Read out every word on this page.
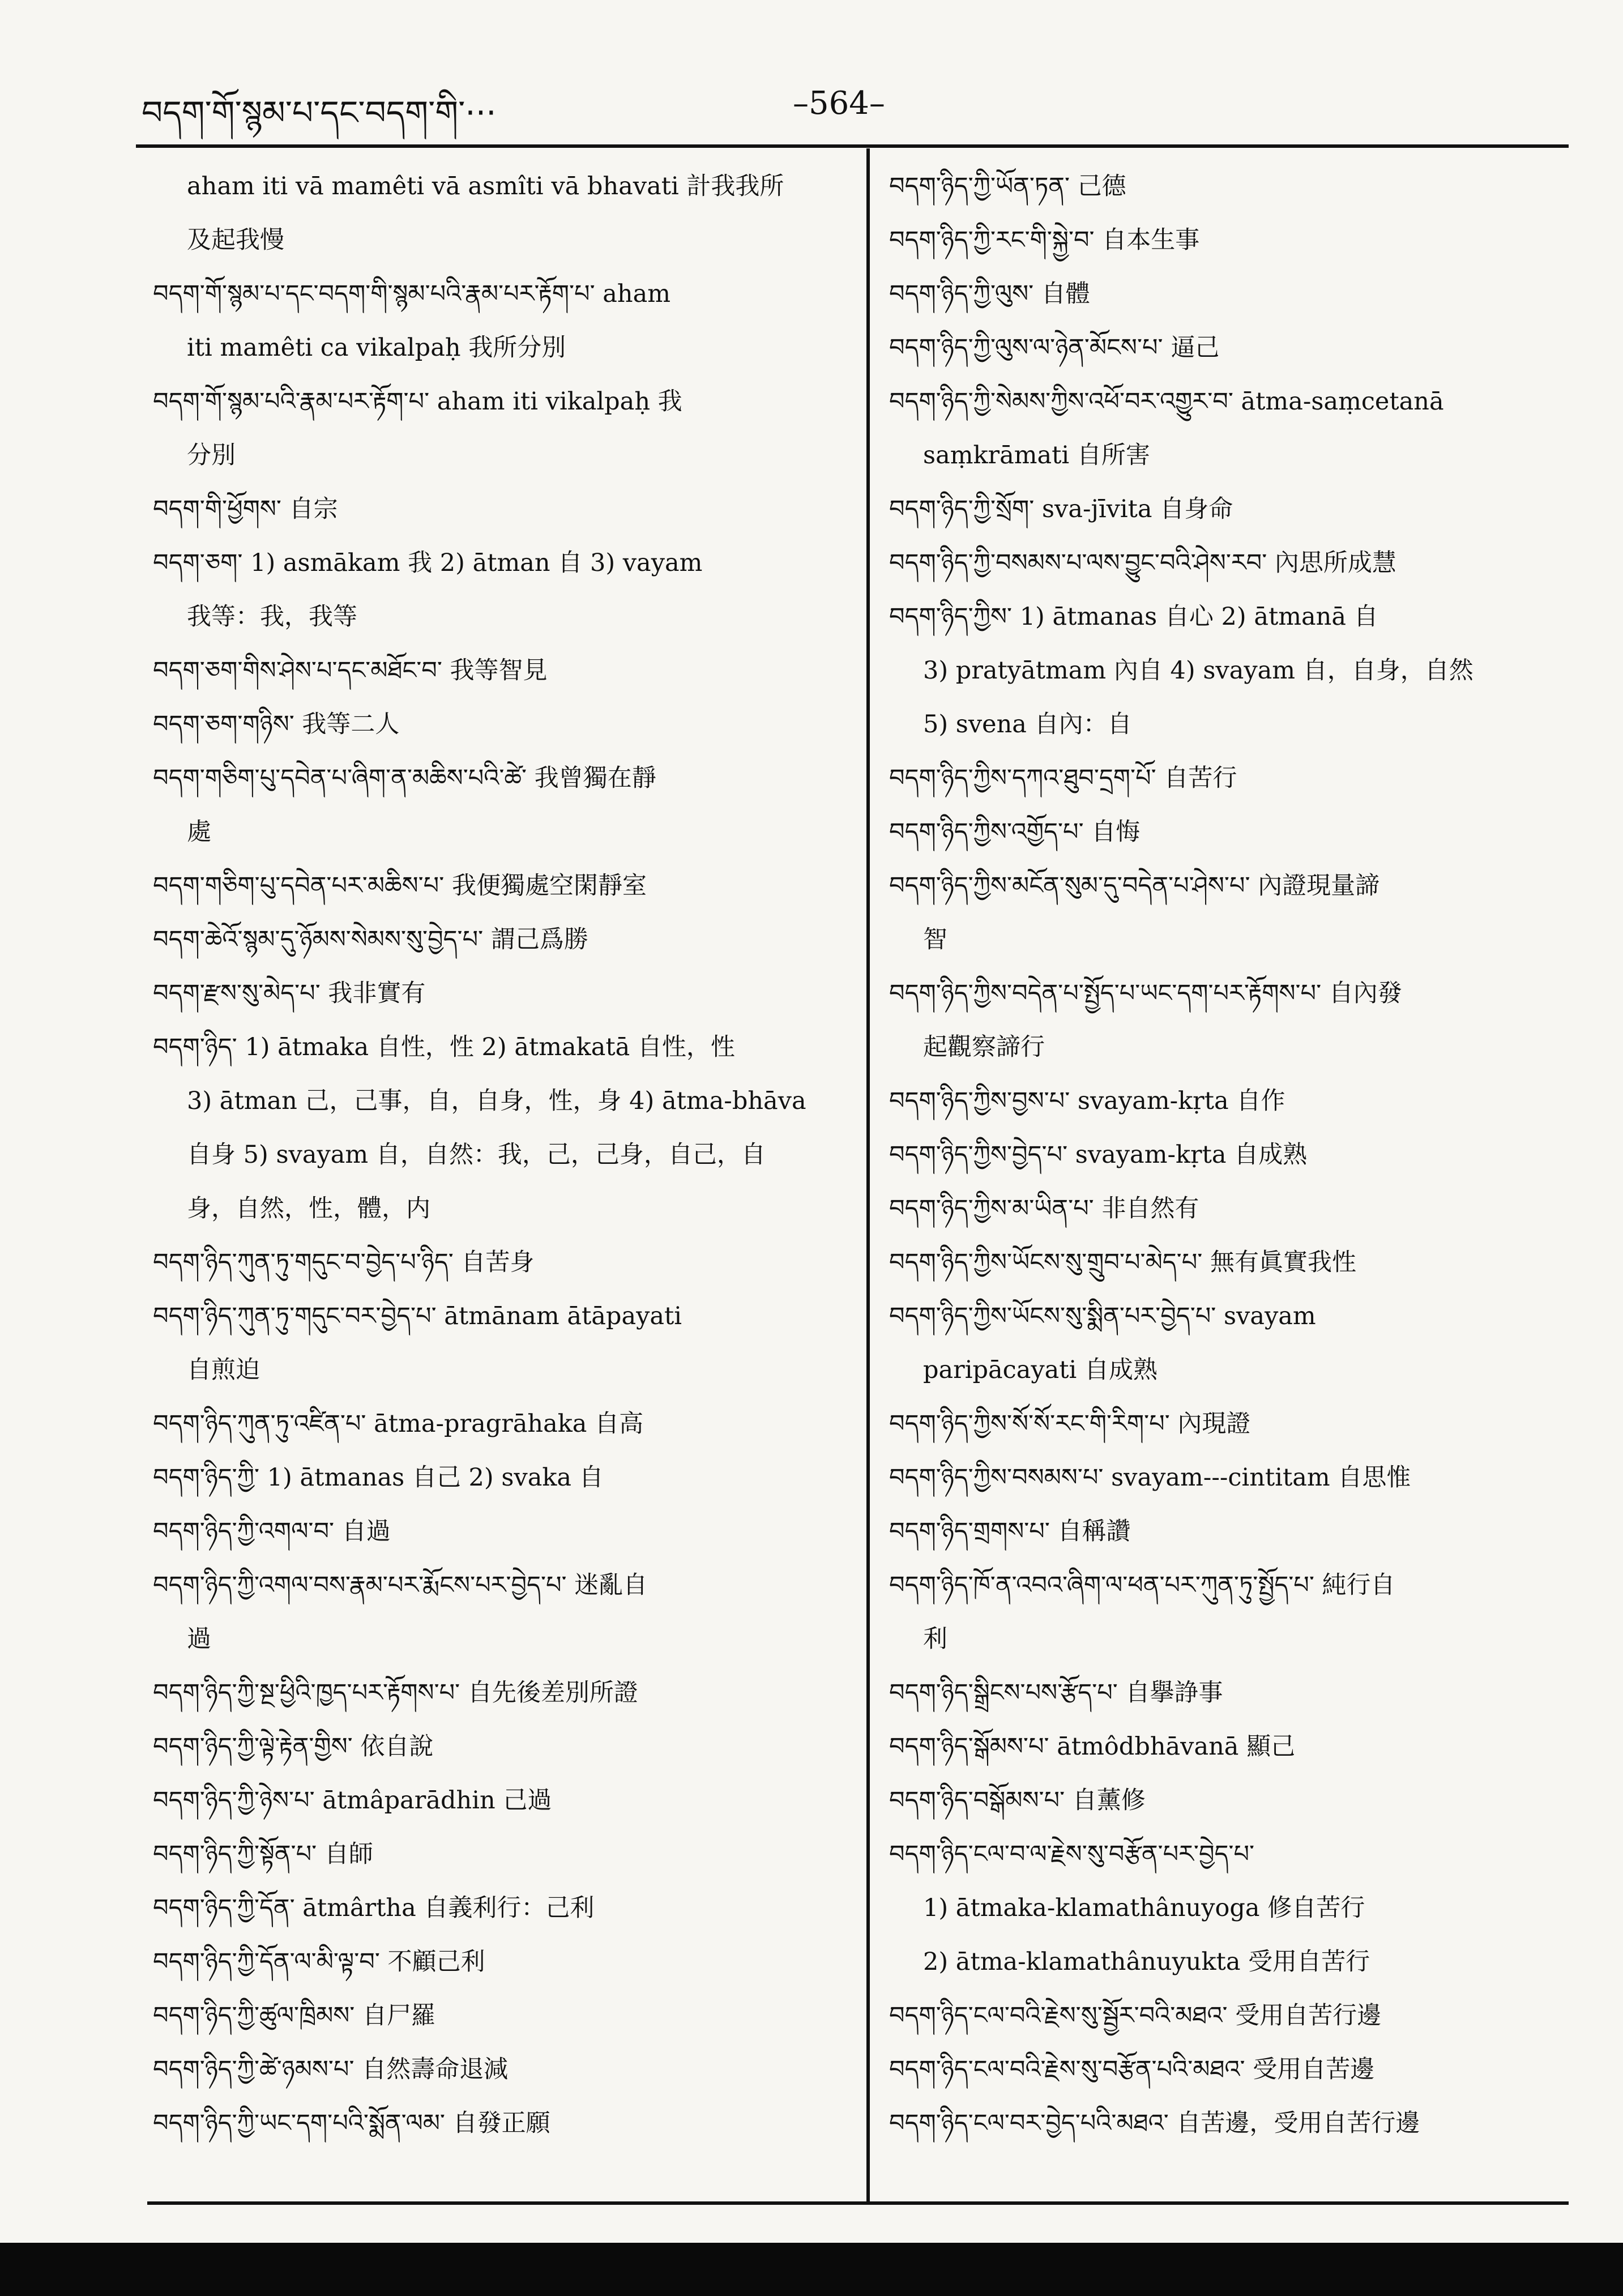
བདག་གོ་སྙམ་པ་དང་བདག་གི་···	–564–

aham iti vā mamêti vā asmîti vā bhavati 計我我所

及起我慢

བདག་གོ་སྙམ་པ་དང་བདག་གི་སྙམ་པའི་རྣམ་པར་རྟོག་པ་ aham

iti mamêti ca vikalpaḥ 我所分別

བདག་གོ་སྙམ་པའི་རྣམ་པར་རྟོག་པ་ aham iti vikalpaḥ 我

分別

བདག་གི་ཕྱོགས་ 自宗

བདག་ཅག་ 1) asmākam 我 2) ātman 自 3) vayam

我等：我，我等

བདག་ཅག་གིས་ཤེས་པ་དང་མཐོང་བ་ 我等智見

བདག་ཅག་གཉིས་ 我等二人

བདག་གཅིག་པུ་དབེན་པ་ཞིག་ན་མཆིས་པའི་ཚེ་ 我曾獨在靜

處

བདག་གཅིག་པུ་དབེན་པར་མཆིས་པ་ 我便獨處空閑靜室

བདག་ཆེའོ་སྙམ་དུ་ཉོམས་སེམས་སུ་བྱེད་པ་ 謂己爲勝

བདག་རྫས་སུ་མེད་པ་ 我非實有

བདག་ཉིད་ 1) ātmaka 自性，性 2) ātmakatā 自性，性

3) ātman 己，己事，自，自身，性，身 4) ātma-bhāva

自身 5) svayam 自，自然：我，己，己身，自己，自

身，自然，性，體，内

བདག་ཉིད་ཀུན་ཏུ་གདུང་བ་བྱེད་པ་ཉིད་ 自苦身

བདག་ཉིད་ཀུན་ཏུ་གདུང་བར་བྱེད་པ་ ātmānam ātāpayati

自煎迫

བདག་ཉིད་ཀུན་ཏུ་འཛིན་པ་ ātma-pragrāhaka 自高

བདག་ཉིད་ཀྱི་ 1) ātmanas 自己 2) svaka 自

བདག་ཉིད་ཀྱི་འགལ་བ་ 自過

བདག་ཉིད་ཀྱི་འགལ་བས་རྣམ་པར་རྨོངས་པར་བྱེད་པ་ 迷亂自

過

བདག་ཉིད་ཀྱི་སྔ་ཕྱིའི་ཁྱད་པར་རྟོགས་པ་ 自先後差別所證

བདག་ཉིད་ཀྱི་ལྟེ་རྟེན་གྱིས་ 依自說

བདག་ཉིད་ཀྱི་ཉེས་པ་ ātmâparādhin 己過

བདག་ཉིད་ཀྱི་སྟོན་པ་ 自師

བདག་ཉིད་ཀྱི་དོན་ ātmârtha 自義利行：己利

བདག་ཉིད་ཀྱི་དོན་ལ་མི་ལྟ་བ་ 不顧己利

བདག་ཉིད་ཀྱི་ཚུལ་ཁྲིམས་ 自尸羅

བདག་ཉིད་ཀྱི་ཚེ་ཉམས་པ་ 自然壽命退減

བདག་ཉིད་ཀྱི་ཡང་དག་པའི་སྨོན་ལམ་ 自發正願

བདག་ཉིད་ཀྱི་ཡོན་ཏན་ 己德

བདག་ཉིད་ཀྱི་རང་གི་སྐྱེ་བ་ 自本生事

བདག་ཉིད་ཀྱི་ལུས་ 自體

བདག་ཉིད་ཀྱི་ལུས་ལ་ཉེན་མོངས་པ་ 逼己

བདག་ཉིད་ཀྱི་སེམས་ཀྱིས་འཕོ་བར་འགྱུར་བ་ ātma-saṃcetanā

saṃkrāmati 自所害

བདག་ཉིད་ཀྱི་སྲོག་ sva-jīvita 自身命

བདག་ཉིད་ཀྱི་བསམས་པ་ལས་བྱུང་བའི་ཤེས་རབ་ 內思所成慧

བདག་ཉིད་ཀྱིས་ 1) ātmanas 自心 2) ātmanā 自

3) pratyātmam 內自 4) svayam 自，自身，自然

5) svena 自內：自

བདག་ཉིད་ཀྱིས་དཀའ་ཐུབ་དྲག་པོ་ 自苦行

བདག་ཉིད་ཀྱིས་འགྱོད་པ་ 自悔

བདག་ཉིད་ཀྱིས་མངོན་སུམ་དུ་བདེན་པ་ཤེས་པ་ 內證現量諦

智

བདག་ཉིད་ཀྱིས་བདེན་པ་སྤྱོད་པ་ཡང་དག་པར་རྟོགས་པ་ 自內發

起觀察諦行

བདག་ཉིད་ཀྱིས་བྱས་པ་ svayam-kṛta 自作

བདག་ཉིད་ཀྱིས་བྱེད་པ་ svayam-kṛta 自成熟

བདག་ཉིད་ཀྱིས་མ་ཡིན་པ་ 非自然有

བདག་ཉིད་ཀྱིས་ཡོངས་སུ་གྲུབ་པ་མེད་པ་ 無有眞實我性

བདག་ཉིད་ཀྱིས་ཡོངས་སུ་སྨིན་པར་བྱེད་པ་ svayam

paripācayati 自成熟

བདག་ཉིད་ཀྱིས་སོ་སོ་རང་གི་རིག་པ་ 內現證

བདག་ཉིད་ཀྱིས་བསམས་པ་ svayam---cintitam 自思惟

བདག་ཉིད་གྲགས་པ་ 自稱讚

བདག་ཉིད་ཁོ་ན་འབའ་ཞིག་ལ་ཕན་པར་ཀུན་ཏུ་སྤྱོད་པ་ 純行自

利

བདག་ཉིད་སྒྲིངས་པས་རྩོད་པ་ 自擧諍事

བདག་ཉིད་སྒོམས་པ་ ātmôdbhāvanā 顯己

བདག་ཉིད་བསྒོམས་པ་ 自薰修

བདག་ཉིད་ངལ་བ་ལ་རྗེས་སུ་བརྩོན་པར་བྱེད་པ་

1) ātmaka-klamathânuyoga 修自苦行

2) ātma-klamathânuyukta 受用自苦行

བདག་ཉིད་ངལ་བའི་རྗེས་སུ་སྦྱོར་བའི་མཐའ་ 受用自苦行邊

བདག་ཉིད་ངལ་བའི་རྗེས་སུ་བརྩོན་པའི་མཐའ་ 受用自苦邊

བདག་ཉིད་ངལ་བར་བྱེད་པའི་མཐའ་ 自苦邊，受用自苦行邊
